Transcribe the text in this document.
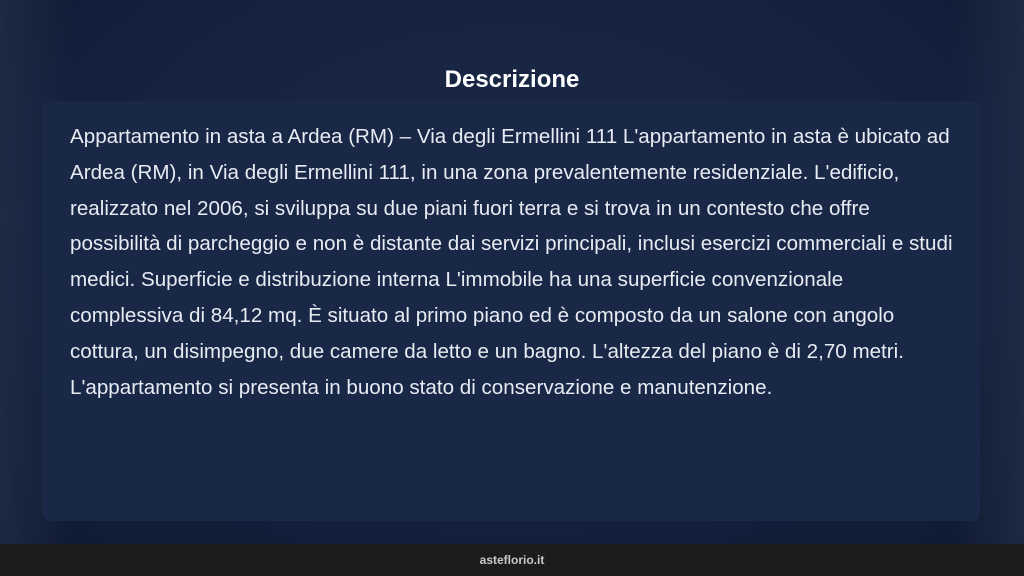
Descrizione

Appartamento in asta a Ardea (RM) – Via degli Ermellini 111 L'appartamento in asta è ubicato ad Ardea (RM), in Via degli Ermellini 111, in una zona prevalentemente residenziale. L'edificio, realizzato nel 2006, si sviluppa su due piani fuori terra e si trova in un contesto che offre possibilità di parcheggio e non è distante dai servizi principali, inclusi esercizi commerciali e studi medici. Superficie e distribuzione interna L'immobile ha una superficie convenzionale complessiva di 84,12 mq. È situato al primo piano ed è composto da un salone con angolo cottura, un disimpegno, due camere da letto e un bagno. L'altezza del piano è di 2,70 metri. L'appartamento si presenta in buono stato di conservazione e manutenzione.

asteflorio.it
